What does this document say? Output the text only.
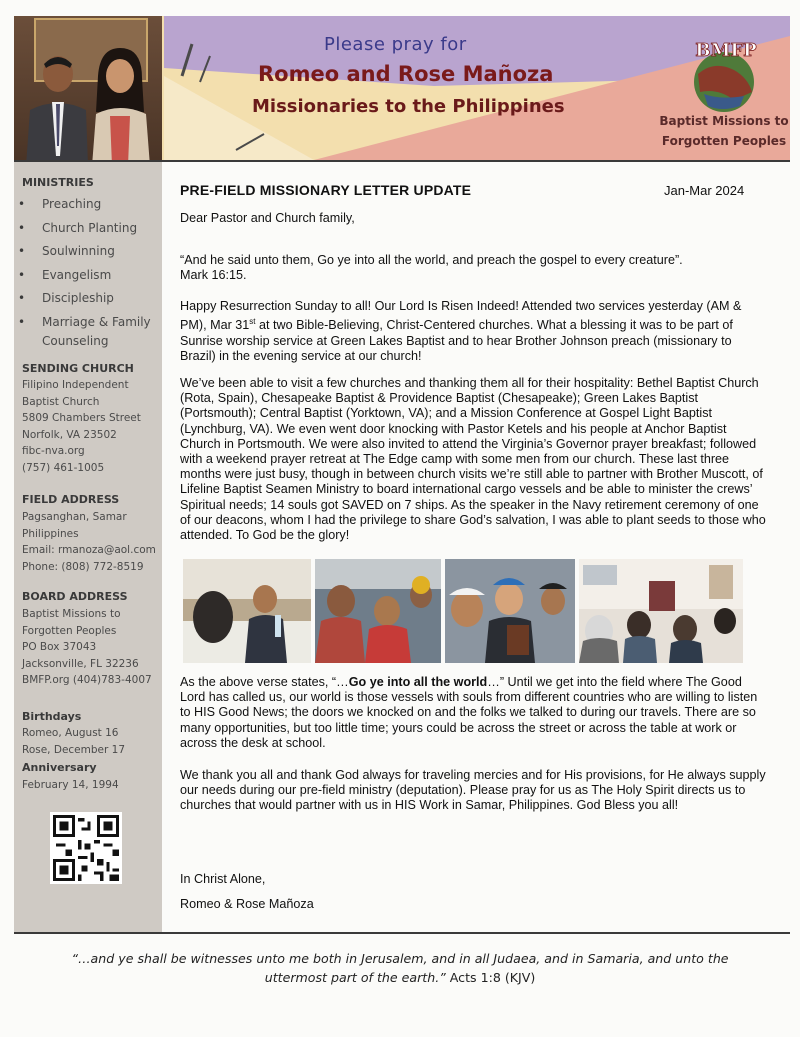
Please pray for
Romeo and Rose Mañoza
Missionaries to the Philippines
BMFP
Baptist Missions to
Forgotten Peoples
MINISTRIES
• Preaching
• Church Planting
• Soulwinning
• Evangelism
• Discipleship
• Marriage & Family Counseling
SENDING CHURCH
Filipino Independent
Baptist Church
5809 Chambers Street
Norfolk, VA 23502
fibc-nva.org
(757) 461-1005
FIELD ADDRESS
Pagsanghan, Samar
Philippines
Email: rmanoza@aol.com
Phone: (808) 772-8519
BOARD ADDRESS
Baptist Missions to
Forgotten Peoples
PO Box 37043
Jacksonville, FL 32236
BMFP.org (404)783-4007
Birthdays
Romeo, August 16
Rose, December 17
Anniversary
February 14, 1994
PRE-FIELD MISSIONARY LETTER UPDATE	Jan-Mar 2024

Dear Pastor and Church family,

“And he said unto them, Go ye into all the world, and preach the gospel to every creature”.
Mark 16:15.

Happy Resurrection Sunday to all! Our Lord Is Risen Indeed! Attended two services yesterday (AM & PM), Mar 31st at two Bible-Believing, Christ-Centered churches. What a blessing it was to be part of Sunrise worship service at Green Lakes Baptist and to hear Brother Johnson preach (missionary to Brazil) in the evening service at our church!

We’ve been able to visit a few churches and thanking them all for their hospitality: Bethel Baptist Church (Rota, Spain), Chesapeake Baptist & Providence Baptist (Chesapeake); Green Lakes Baptist (Portsmouth); Central Baptist (Yorktown, VA); and a Mission Conference at Gospel Light Baptist (Lynchburg, VA). We even went door knocking with Pastor Ketels and his people at Anchor Baptist Church in Portsmouth. We were also invited to attend the Virginia’s Governor prayer breakfast; followed with a weekend prayer retreat at The Edge camp with some men from our church. These last three months were just busy, though in between church visits we’re still able to partner with Brother Muscott, of Lifeline Baptist Seamen Ministry to board international cargo vessels and be able to minister the crews’ Spiritual needs; 14 souls got SAVED on 7 ships. As the speaker in the Navy retirement ceremony of one of our deacons, whom I had the privilege to share God’s salvation, I was able to plant seeds to those who attended. To God be the glory!

As the above verse states, “…Go ye into all the world…” Until we get into the field where The Good Lord has called us, our world is those vessels with souls from different countries who are willing to listen to HIS Good News; the doors we knocked on and the folks we talked to during our travels. There are so many opportunities, but too little time; yours could be across the street or across the table at work or across the desk at school.

We thank you all and thank God always for traveling mercies and for His provisions, for He always supply our needs during our pre-field ministry (deputation). Please pray for us as The Holy Spirit directs us to churches that would partner with us in HIS Work in Samar, Philippines. God Bless you all!

In Christ Alone,

Romeo & Rose Mañoza

“…and ye shall be witnesses unto me both in Jerusalem, and in all Judaea, and in Samaria, and unto the uttermost part of the earth.” Acts 1:8 (KJV)
